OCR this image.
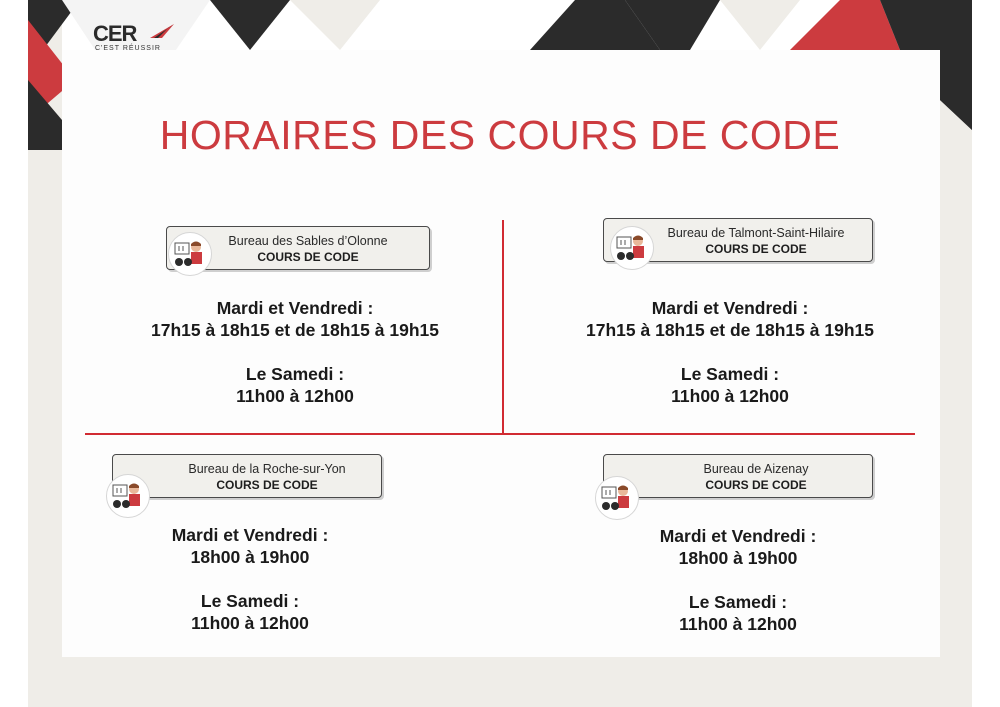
CER
C'EST RÉUSSIR
HORAIRES DES COURS DE CODE
Bureau des Sables d’Olonne
COURS DE CODE
Mardi et Vendredi :
17h15 à 18h15 et de 18h15 à 19h15
Le Samedi :
11h00 à 12h00
Bureau de Talmont-Saint-Hilaire
COURS DE CODE
Mardi et Vendredi :
17h15 à 18h15 et de 18h15 à 19h15
Le Samedi :
11h00 à 12h00
Bureau de la Roche-sur-Yon
COURS DE CODE
Mardi et Vendredi :
18h00 à 19h00
Le Samedi :
11h00 à 12h00
Bureau de Aizenay
COURS DE CODE
Mardi et Vendredi :
18h00 à 19h00
Le Samedi :
11h00 à 12h00
